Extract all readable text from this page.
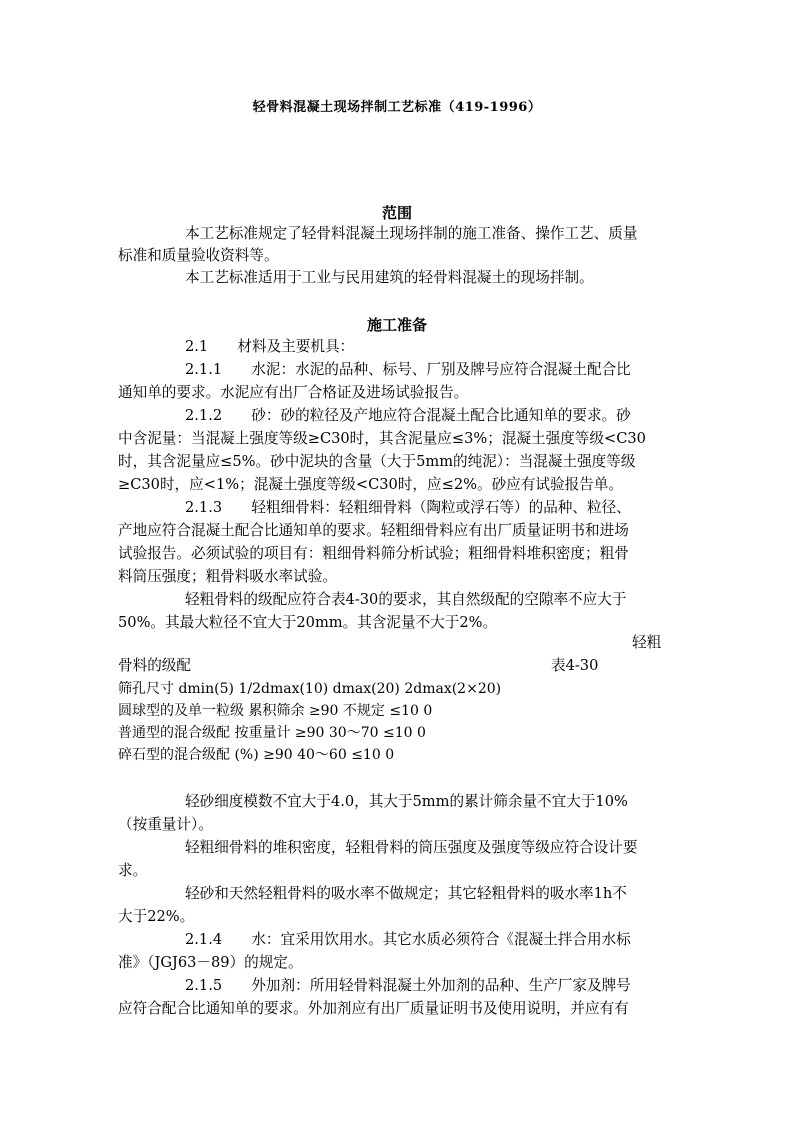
轻骨料混凝土现场拌制工艺标准（419-1996）
范围
本工艺标准规定了轻骨料混凝土现场拌制的施工准备、操作工艺、质量
标准和质量验收资料等。
本工艺标准适用于工业与民用建筑的轻骨料混凝土的现场拌制。
施工准备
2.1　　材料及主要机具：
2.1.1　　水泥：水泥的品种、标号、厂别及牌号应符合混凝土配合比
通知单的要求。水泥应有出厂合格证及进场试验报告。
2.1.2　　砂：砂的粒径及产地应符合混凝土配合比通知单的要求。砂
中含泥量：当混凝上强度等级≥C30时，其含泥量应≤3%；混凝土强度等级<C30
时，其含泥量应≤5%。砂中泥块的含量（大于5mm的纯泥）：当混凝土强度等级
≥C30时，应<1%；混凝土强度等级<C30时，应≤2%。砂应有试验报告单。
2.1.3　　轻粗细骨料：轻粗细骨料（陶粒或浮石等）的品种、粒径、
产地应符合混凝土配合比通知单的要求。轻粗细骨料应有出厂质量证明书和进场
试验报告。必须试验的项目有：粗细骨料筛分析试验；粗细骨料堆积密度；粗骨
料筒压强度；粗骨料吸水率试验。
轻粗骨料的级配应符合表4-30的要求，其自然级配的空隙率不应大于
50%。其最大粒径不宜大于20mm。其含泥量不大于2%。
轻粗
骨料的级配	表4-30
筛孔尺寸 dmin(5) 1/2dmax(10) dmax(20) 2dmax(2×20)
圆球型的及单一粒级 累积筛余 ≥90 不规定 ≤10 0
普通型的混合级配 按重量计 ≥90 30～70 ≤10 0
碎石型的混合级配 (%) ≥90 40～60 ≤10 0
轻砂细度模数不宜大于4.0，其大于5mm的累计筛余量不宜大于10%
（按重量计）。
轻粗细骨料的堆积密度，轻粗骨料的筒压强度及强度等级应符合设计要
求。
轻砂和天然轻粗骨料的吸水率不做规定；其它轻粗骨料的吸水率1h不
大于22%。
2.1.4　　水：宜采用饮用水。其它水质必须符合《混凝土拌合用水标
准》（JGJ63－89）的规定。
2.1.5　　外加剂：所用轻骨料混凝土外加剂的品种、生产厂家及牌号
应符合配合比通知单的要求。外加剂应有出厂质量证明书及使用说明，并应有有
